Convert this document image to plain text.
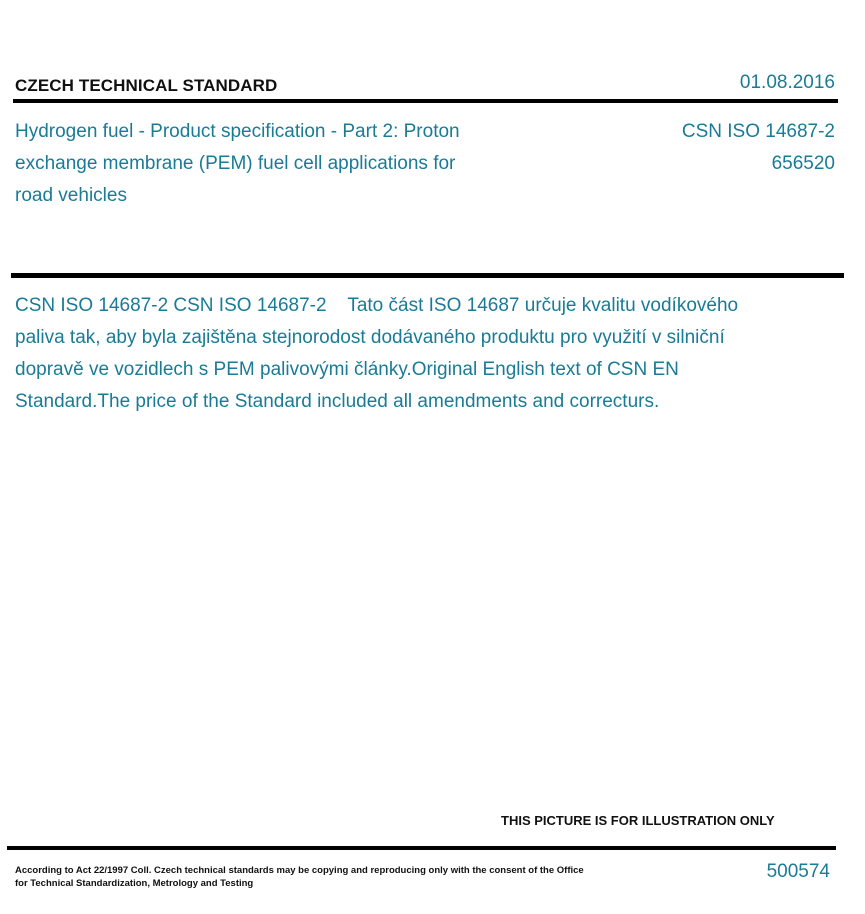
CZECH TECHNICAL STANDARD	01.08.2016
Hydrogen fuel - Product specification - Part 2: Proton exchange membrane (PEM) fuel cell applications for road vehicles
CSN ISO 14687-2
656520
CSN ISO 14687-2 CSN ISO 14687-2    Tato část ISO 14687 určuje kvalitu vodíkového paliva tak, aby byla zajištěna stejnorodost dodávaného produktu pro využití v silniční dopravě ve vozidlech s PEM palivovými články.Original English text of CSN EN Standard.The price of the Standard included all amendments and correcturs.
THIS PICTURE IS FOR ILLUSTRATION ONLY
According to Act 22/1997 Coll. Czech technical standards may be copying and reproducing only with the consent of the Office for Technical Standardization, Metrology and Testing
500574
